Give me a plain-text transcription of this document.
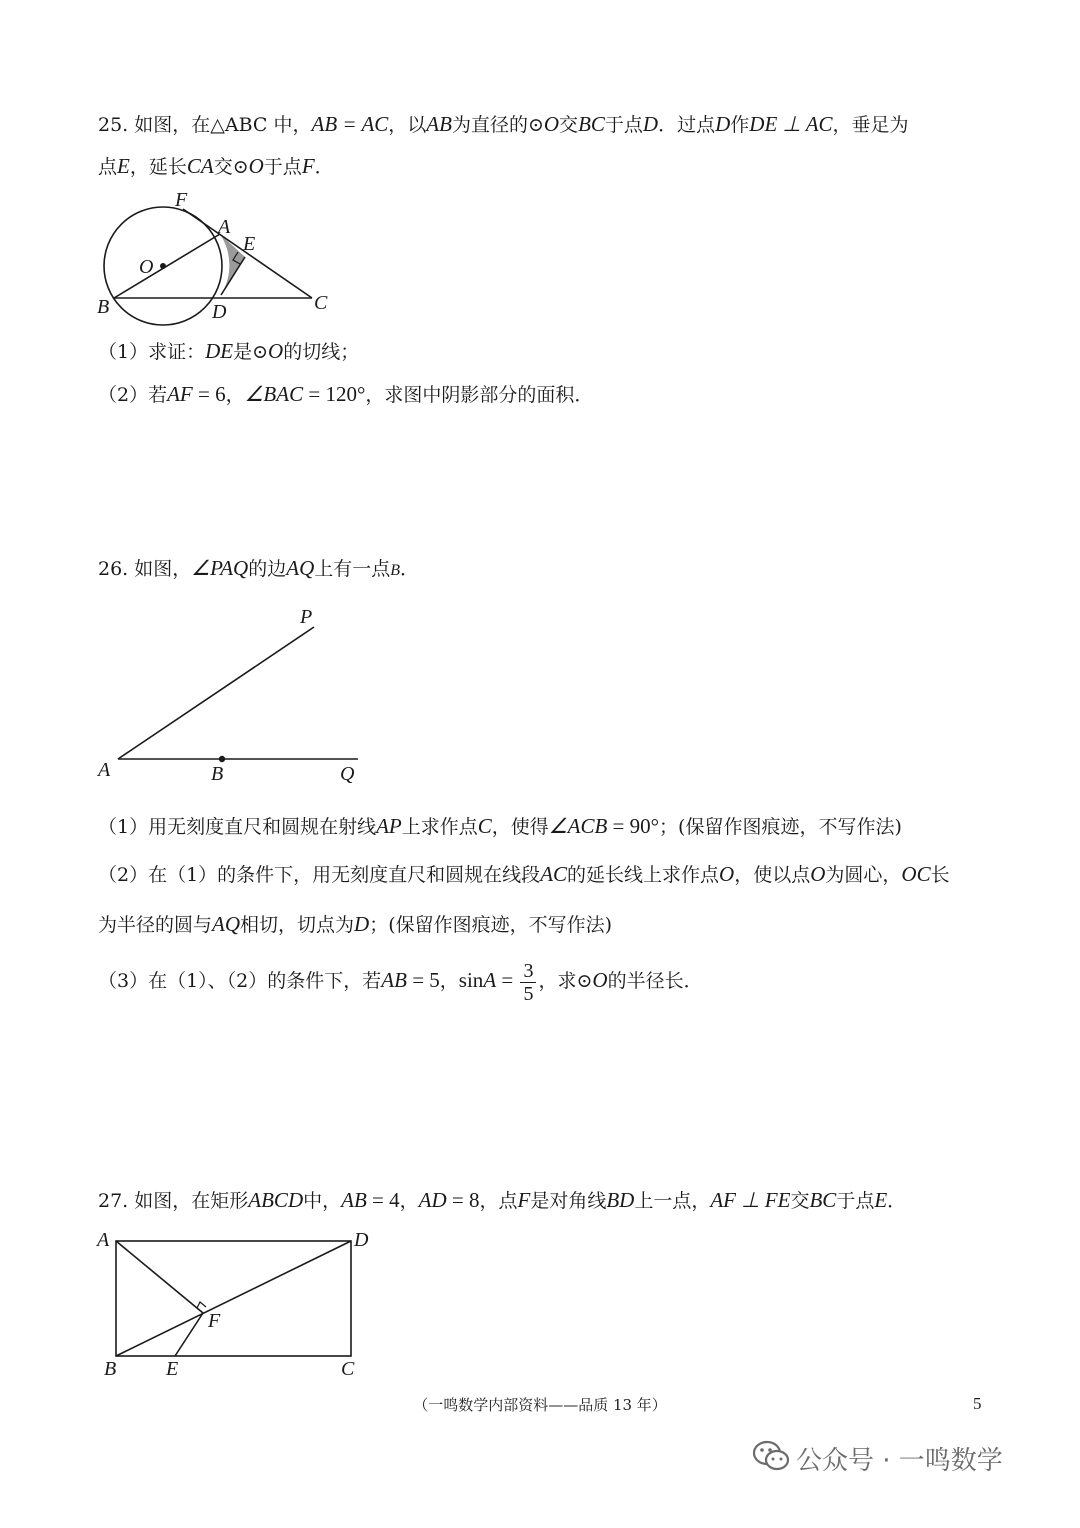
25. 如图，在△ABC 中，AB = AC，以AB为直径的⊙O交BC于点D．过点D作DE ⊥ AC，垂足为
点E，延长CA交⊙O于点F．
F
A
E
O
B	D	C
（1）求证：DE是⊙O的切线；
（2）若AF = 6，∠BAC = 120°，求图中阴影部分的面积．
26. 如图，∠PAQ的边AQ上有一点B．
P
A	B	Q
（1）用无刻度直尺和圆规在射线AP上求作点C，使得∠ACB = 90°；(保留作图痕迹，不写作法)
（2）在（1）的条件下，用无刻度直尺和圆规在线段AC的延长线上求作点O，使以点O为圆心，OC长
为半径的圆与AQ相切，切点为D；(保留作图痕迹，不写作法)
（3）在（1）、（2）的条件下，若AB = 5，$\sin A = \frac{3}{5}$ ，求⊙O的半径长．
27. 如图，在矩形ABCD中，AB = 4，AD = 8，点F是对角线BD上一点，AF ⊥ FE交BC于点E．
A	D
F
B E	C
（一鸣数学内部资料——品质 13 年）	5
公众号 · 一鸣数学
